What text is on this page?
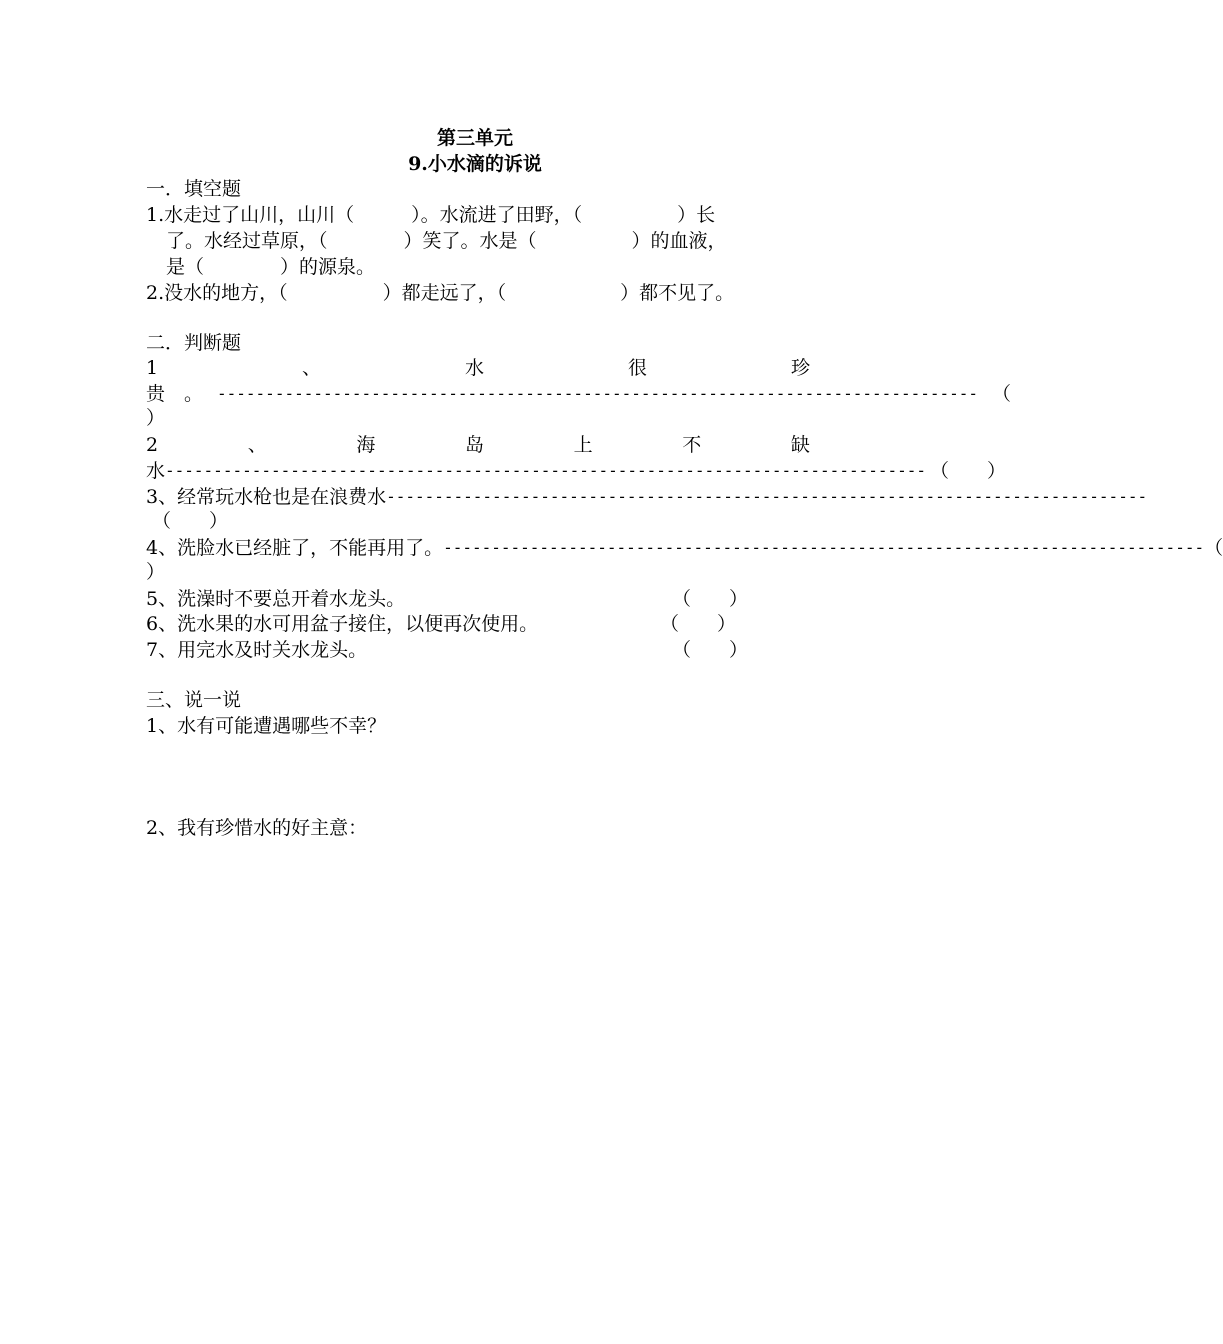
第三单元
9.小水滴的诉说
一．填空题
1.水走过了山川，山川（　　　）。水流进了田野，（　　　　　）长
了。水经过草原，（　　　　）笑了。水是（　　　　　）的血液，
是（　　　　）的源泉。
2.没水的地方，（　　　　　）都走远了，（　　　　　　）都不见了。
二．判断题
1	、	水	很	珍
贵　。 ------------------------------------------------------------------------------- （
）
2	、	海	岛	上	不	缺
水 ------------------------------------------------------------------------------- （　　）
3、经常玩水枪也是在浪费水 -------------------------------------------------------------------------------
（　　）
4、洗脸水已经脏了，不能再用了。 ------------------------------------------------------------------------------- （
）
5、洗澡时不要总开着水龙头。	（　　）
6、洗水果的水可用盆子接住，以便再次使用。	（　　）
7、用完水及时关水龙头。	（　　）
三、说一说
1、水有可能遭遇哪些不幸？
2、我有珍惜水的好主意：
